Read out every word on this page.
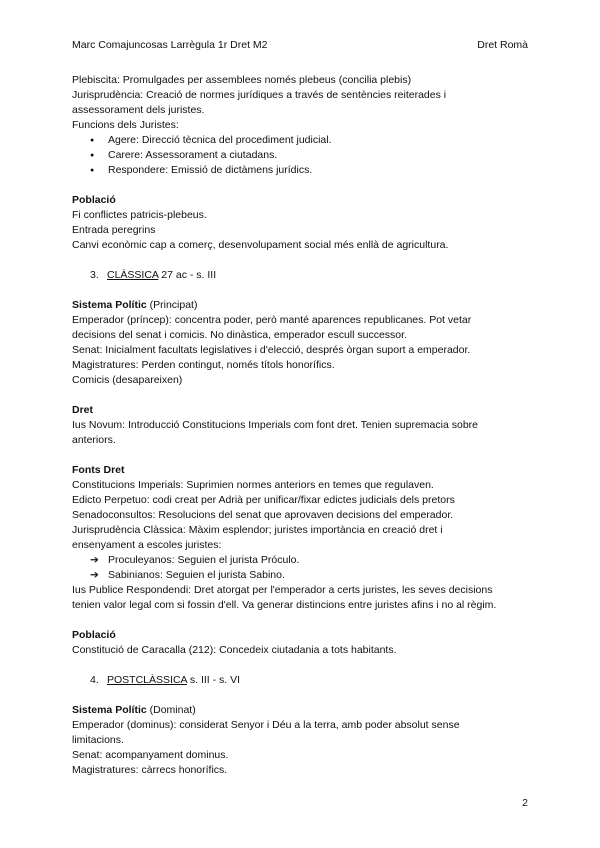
Marc Comajuncosas Larrègula 1r Dret M2	Dret Romà

Plebiscita: Promulgades per assemblees només plebeus (concilia plebis)

Jurisprudència: Creació de normes jurídiques a través de sentències reiterades i

assessorament dels juristes.

Funcions dels Juristes:

● Agere: Direcció tècnica del procediment judicial.
● Carere: Assessorament a ciutadans.
● Respondere: Emissió de dictàmens jurídics.

Població

Fi conflictes patricis-plebeus.

Entrada peregrins

Canvi econòmic cap a comerç, desenvolupament social més enllà de agricultura.

3. CLÀSSICA 27 ac - s. III

Sistema Polític (Principat)

Emperador (príncep): concentra poder, però manté aparences republicanes. Pot vetar

decisions del senat i comicis. No dinàstica, emperador escull successor.

Senat: Inicialment facultats legislatives i d'elecció, després òrgan suport a emperador.

Magistratures: Perden contingut, només títols honorífics.

Comicis (desapareixen)

Dret

Ius Novum: Introducció Constitucions Imperials com font dret. Tenien supremacia sobre

anteriors.

Fonts Dret

Constitucions Imperials: Suprimien normes anteriors en temes que regulaven.

Edicto Perpetuo: codi creat per Adrià per unificar/fixar edictes judicials dels pretors

Senadoconsultos: Resolucions del senat que aprovaven decisions del emperador.

Jurisprudència Clàssica: Màxim esplendor; juristes importància en creació dret i

ensenyament a escoles juristes:

➔ Proculeyanos: Seguien el jurista Próculo.
➔ Sabinianos: Seguien el jurista Sabino.

Ius Publice Respondendi: Dret atorgat per l'emperador a certs juristes, les seves decisions

tenien valor legal com si fossin d'ell. Va generar distincions entre juristes afins i no al règim.

Població

Constitució de Caracalla (212): Concedeix ciutadania a tots habitants.

4. POSTCLÀSSICA s. III - s. VI

Sistema Polític (Dominat)

Emperador (dominus): considerat Senyor i Déu a la terra, amb poder absolut sense

limitacions.

Senat: acompanyament dominus.

Magistratures: càrrecs honorífics.

2
